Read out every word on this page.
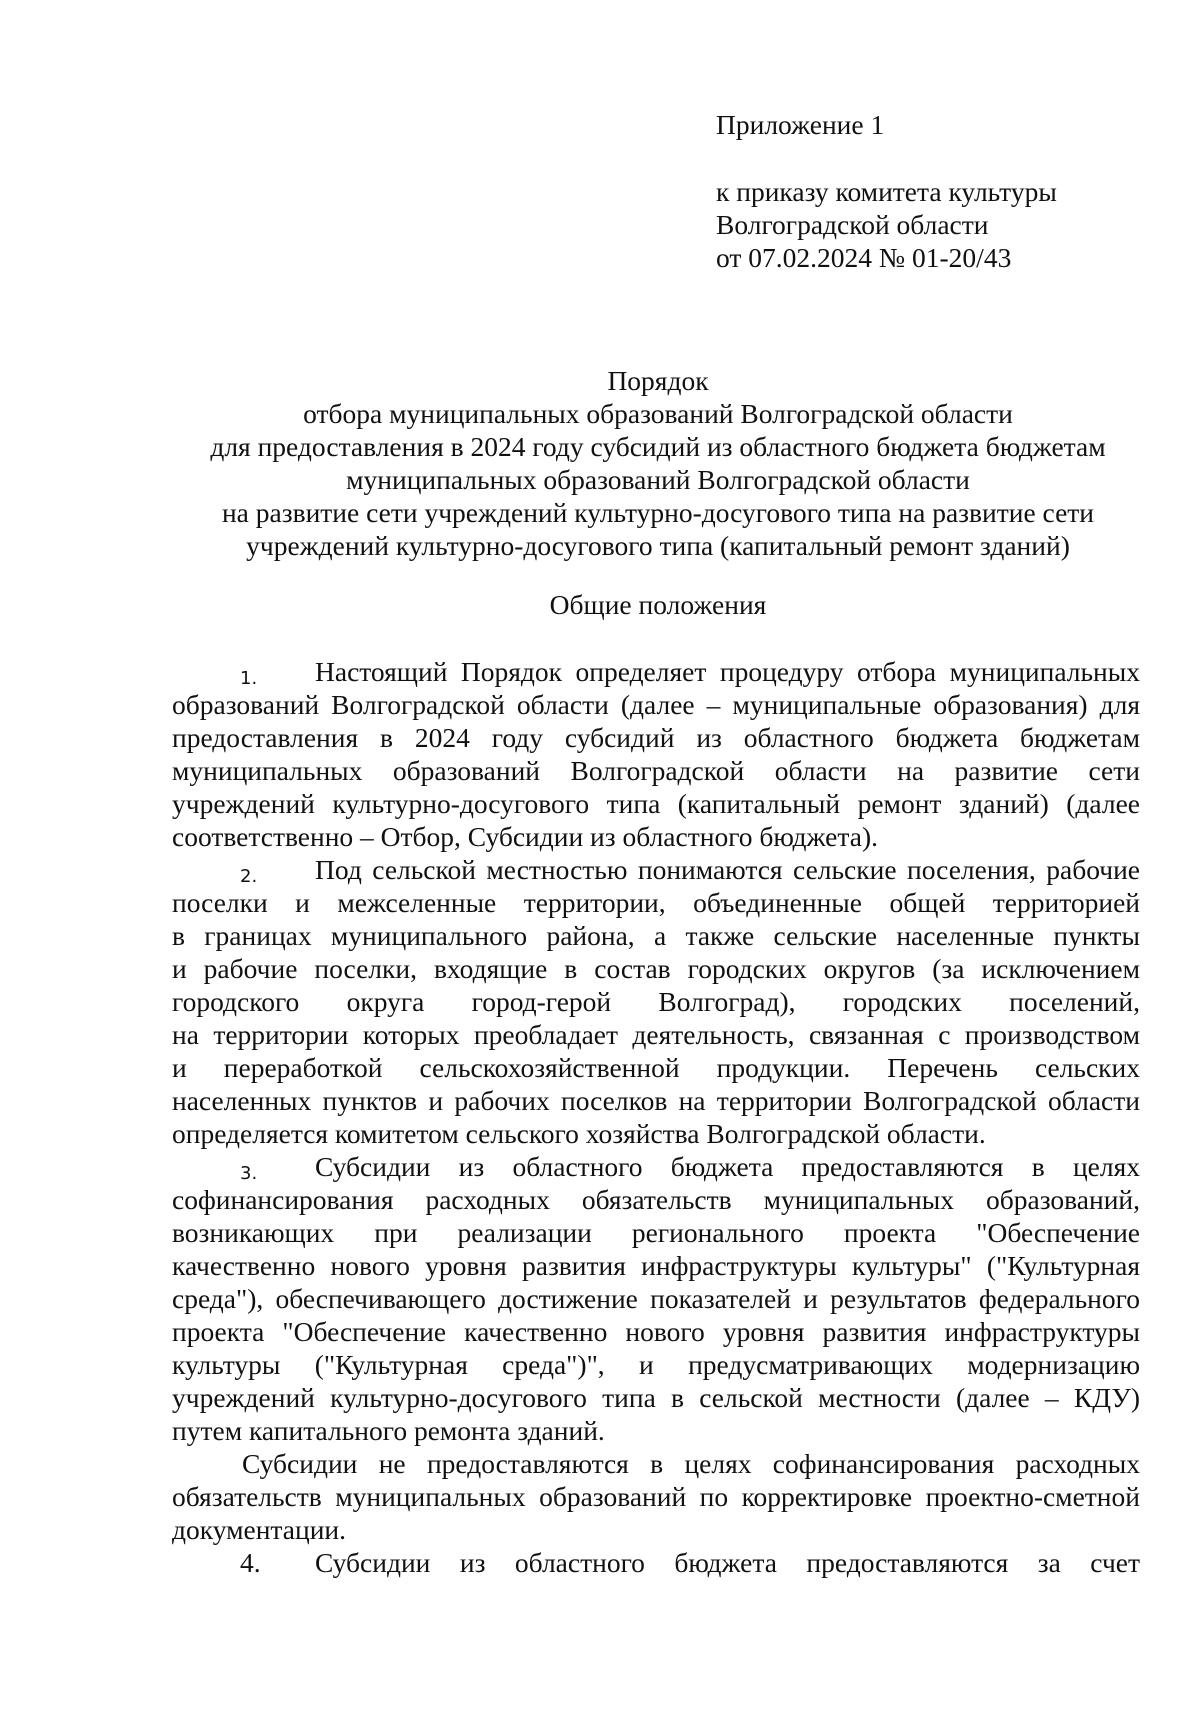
Приложение 1

к приказу комитета культуры

Волгоградской области

от 07.02.2024 № 01-20/43

Порядок

отбора муниципальных образований Волгоградской области

для предоставления в 2024 году субсидий из областного бюджета бюджетам

муниципальных образований Волгоградской области

на развитие сети учреждений культурно-досугового типа на развитие сети

учреждений культурно-досугового типа (капитальный ремонт зданий)

Общие положения

1. Настоящий Порядок определяет процедуру отбора муниципальных

образований Волгоградской области (далее – муниципальные образования) для

предоставления в 2024 году субсидий из областного бюджета бюджетам

муниципальных образований Волгоградской области на развитие сети

учреждений культурно-досугового типа (капитальный ремонт зданий) (далее

соответственно – Отбор, Субсидии из областного бюджета).

2. Под сельской местностью понимаются сельские поселения, рабочие

поселки и межселенные территории, объединенные общей территорией

в границах муниципального района, а также сельские населенные пункты

и рабочие поселки, входящие в состав городских округов (за исключением

городского округа город-герой Волгоград), городских поселений,

на территории которых преобладает деятельность, связанная с производством

и переработкой сельскохозяйственной продукции. Перечень сельских

населенных пунктов и рабочих поселков на территории Волгоградской области

определяется комитетом сельского хозяйства Волгоградской области.

3. Субсидии из областного бюджета предоставляются в целях

софинансирования расходных обязательств муниципальных образований,

возникающих при реализации регионального проекта "Обеспечение

качественно нового уровня развития инфраструктуры культуры" ("Культурная

среда"), обеспечивающего достижение показателей и результатов федерального

проекта "Обеспечение качественно нового уровня развития инфраструктуры

культуры ("Культурная среда")", и предусматривающих модернизацию

учреждений культурно-досугового типа в сельской местности (далее – КДУ)

путем капитального ремонта зданий.

Субсидии не предоставляются в целях софинансирования расходных

обязательств муниципальных образований по корректировке проектно-сметной

документации.

4. Субсидии из областного бюджета предоставляются за счет
